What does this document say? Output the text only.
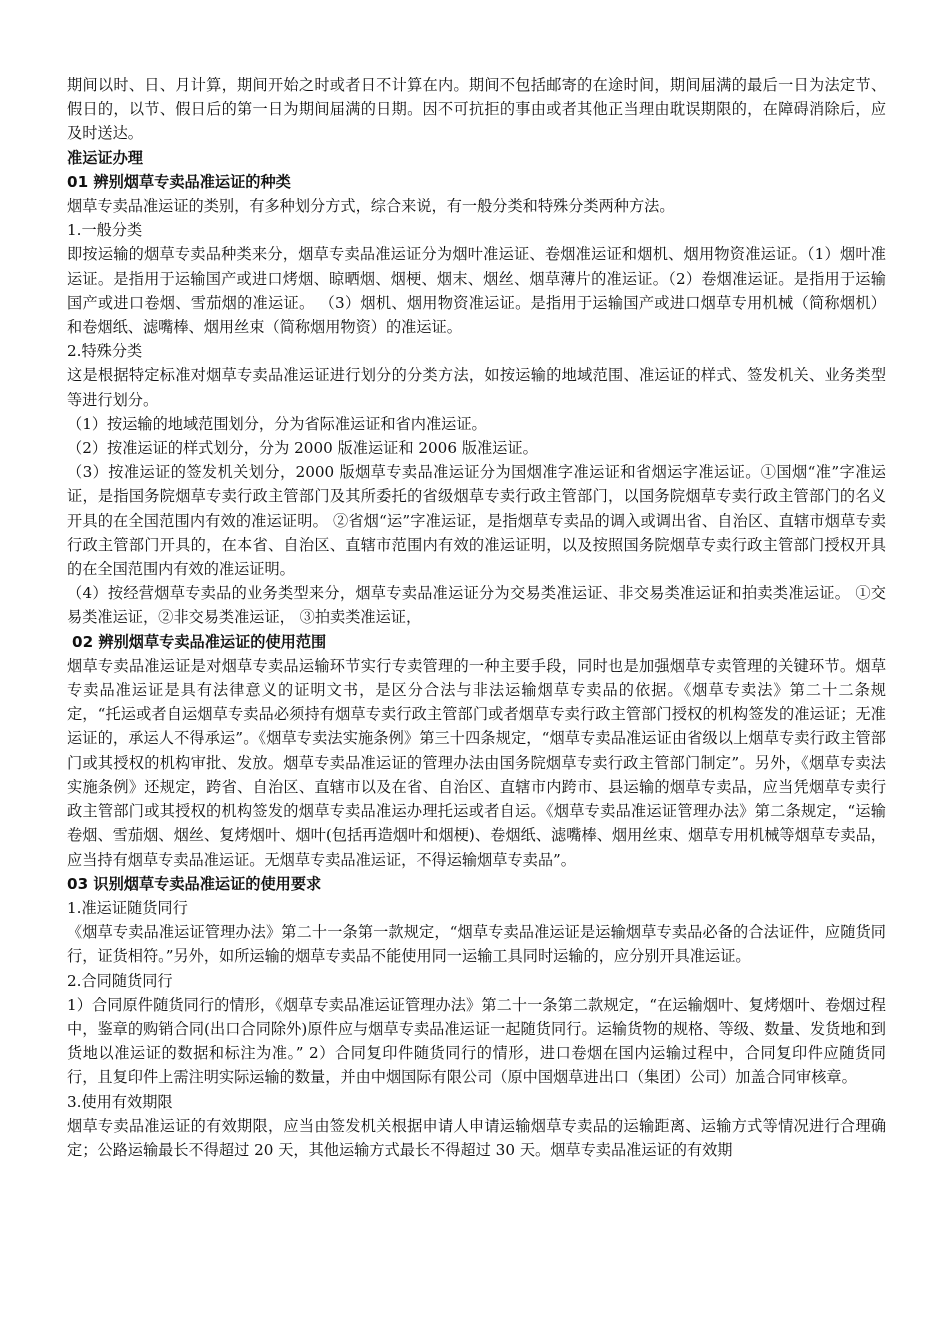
期间以时、日、月计算，期间开始之时或者日不计算在内。期间不包括邮寄的在途时间，期间届满的最后一日为法定节、假日的，以节、假日后的第一日为期间届满的日期。因不可抗拒的事由或者其他正当理由耽误期限的，在障碍消除后，应及时送达。

准运证办理

01 辨别烟草专卖品准运证的种类

烟草专卖品准运证的类别，有多种划分方式，综合来说，有一般分类和特殊分类两种方法。

1.一般分类

即按运输的烟草专卖品种类来分，烟草专卖品准运证分为烟叶准运证、卷烟准运证和烟机、烟用物资准运证。（1）烟叶准运证。是指用于运输国产或进口烤烟、晾晒烟、烟梗、烟末、烟丝、烟草薄片的准运证。（2）卷烟准运证。是指用于运输国产或进口卷烟、雪茄烟的准运证。 （3）烟机、烟用物资准运证。是指用于运输国产或进口烟草专用机械（简称烟机）和卷烟纸、滤嘴棒、烟用丝束（简称烟用物资）的准运证。

2.特殊分类

这是根据特定标准对烟草专卖品准运证进行划分的分类方法，如按运输的地域范围、准运证的样式、签发机关、业务类型等进行划分。

（1）按运输的地域范围划分，分为省际准运证和省内准运证。

（2）按准运证的样式划分，分为 2000 版准运证和 2006 版准运证。

（3）按准运证的签发机关划分，2000 版烟草专卖品准运证分为国烟准字准运证和省烟运字准运证。①国烟“准”字准运证，是指国务院烟草专卖行政主管部门及其所委托的省级烟草专卖行政主管部门，以国务院烟草专卖行政主管部门的名义开具的在全国范围内有效的准运证明。 ②省烟“运”字准运证，是指烟草专卖品的调入或调出省、自治区、直辖市烟草专卖行政主管部门开具的，在本省、自治区、直辖市范围内有效的准运证明，以及按照国务院烟草专卖行政主管部门授权开具的在全国范围内有效的准运证明。

（4）按经营烟草专卖品的业务类型来分，烟草专卖品准运证分为交易类准运证、非交易类准运证和拍卖类准运证。 ①交易类准运证，②非交易类准运证， ③拍卖类准运证，

02 辨别烟草专卖品准运证的使用范围

烟草专卖品准运证是对烟草专卖品运输环节实行专卖管理的一种主要手段，同时也是加强烟草专卖管理的关键环节。烟草专卖品准运证是具有法律意义的证明文书，是区分合法与非法运输烟草专卖品的依据。《烟草专卖法》第二十二条规定，“托运或者自运烟草专卖品必须持有烟草专卖行政主管部门或者烟草专卖行政主管部门授权的机构签发的准运证；无准运证的，承运人不得承运”。《烟草专卖法实施条例》第三十四条规定，“烟草专卖品准运证由省级以上烟草专卖行政主管部门或其授权的机构审批、发放。烟草专卖品准运证的管理办法由国务院烟草专卖行政主管部门制定”。另外，《烟草专卖法实施条例》还规定，跨省、自治区、直辖市以及在省、自治区、直辖市内跨市、县运输的烟草专卖品，应当凭烟草专卖行政主管部门或其授权的机构签发的烟草专卖品准运办理托运或者自运。《烟草专卖品准运证管理办法》第二条规定，“运输卷烟、雪茄烟、烟丝、复烤烟叶、烟叶(包括再造烟叶和烟梗)、卷烟纸、滤嘴棒、烟用丝束、烟草专用机械等烟草专卖品，应当持有烟草专卖品准运证。无烟草专卖品准运证，不得运输烟草专卖品”。

03 识别烟草专卖品准运证的使用要求

1.准运证随货同行

《烟草专卖品准运证管理办法》第二十一条第一款规定，“烟草专卖品准运证是运输烟草专卖品必备的合法证件，应随货同行，证货相符。”另外，如所运输的烟草专卖品不能使用同一运输工具同时运输的，应分别开具准运证。

2.合同随货同行

1）合同原件随货同行的情形，《烟草专卖品准运证管理办法》第二十一条第二款规定，“在运输烟叶、复烤烟叶、卷烟过程中，鉴章的购销合同(出口合同除外)原件应与烟草专卖品准运证一起随货同行。运输货物的规格、等级、数量、发货地和到货地以准运证的数据和标注为准。” 2）合同复印件随货同行的情形，进口卷烟在国内运输过程中，合同复印件应随货同行，且复印件上需注明实际运输的数量，并由中烟国际有限公司（原中国烟草进出口（集团）公司）加盖合同审核章。

3.使用有效期限

烟草专卖品准运证的有效期限，应当由签发机关根据申请人申请运输烟草专卖品的运输距离、运输方式等情况进行合理确定；公路运输最长不得超过 20 天，其他运输方式最长不得超过 30 天。烟草专卖品准运证的有效期
